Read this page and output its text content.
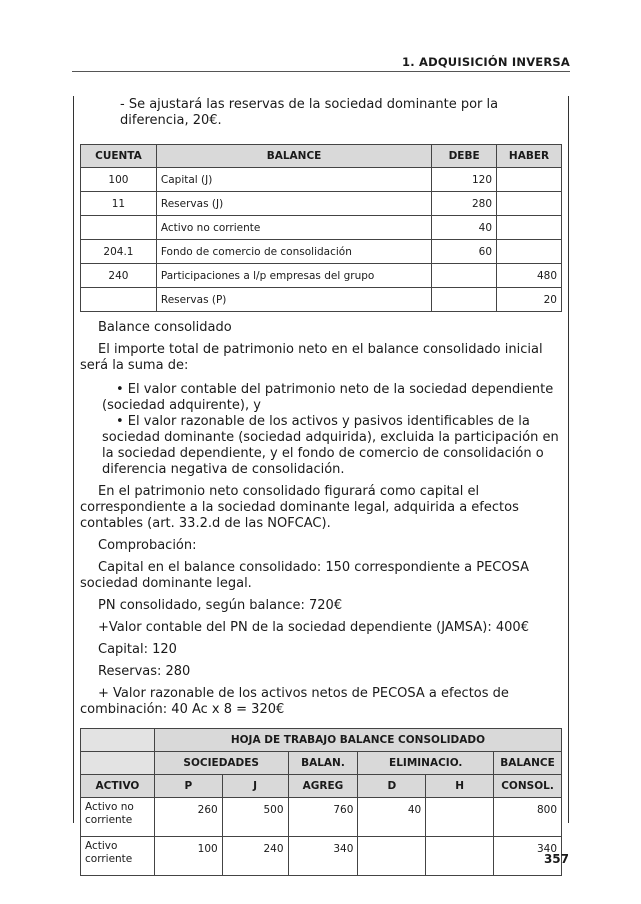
1. ADQUISICIÓN INVERSA
- Se ajustará las reservas de la sociedad dominante por la diferencia, 20€.
CUENTA	BALANCE	DEBE	HABER
100	Capital (J)	120	
11	Reservas (J)	280	
	Activo no corriente	40	
204.1	Fondo de comercio de consolidación	60	
240	Participaciones a l/p empresas del grupo		480
	Reservas (P)		20

Balance consolidado

El importe total de patrimonio neto en el balance consolidado inicial será la suma de:

• El valor contable del patrimonio neto de la sociedad dependiente (sociedad adquirente), y

• El valor razonable de los activos y pasivos identificables de la sociedad dominante (sociedad adquirida), excluida la participación en la sociedad dependiente, y el fondo de comercio de consolidación o diferencia negativa de consolidación.

En el patrimonio neto consolidado figurará como capital el correspondiente a la sociedad dominante legal, adquirida a efectos contables (art. 33.2.d de las NOFCAC).

Comprobación:

Capital en el balance consolidado: 150 correspondiente a PECOSA sociedad dominante legal.

PN consolidado, según balance: 720€

+Valor contable del PN de la sociedad dependiente (JAMSA): 400€

Capital: 120

Reservas: 280

+ Valor razonable de los activos netos de PECOSA a efectos de combinación: 40 Ac x 8 = 320€

	HOJA DE TRABAJO BALANCE CONSOLIDADO					
	SOCIEDADES		BALAN.	ELIMINACIO.		BALANCE
ACTIVO	P	J	AGREG	D	H	CONSOL.
Activo no corriente	260	500	760	40		800
Activo corriente	100	240	340			340
357
